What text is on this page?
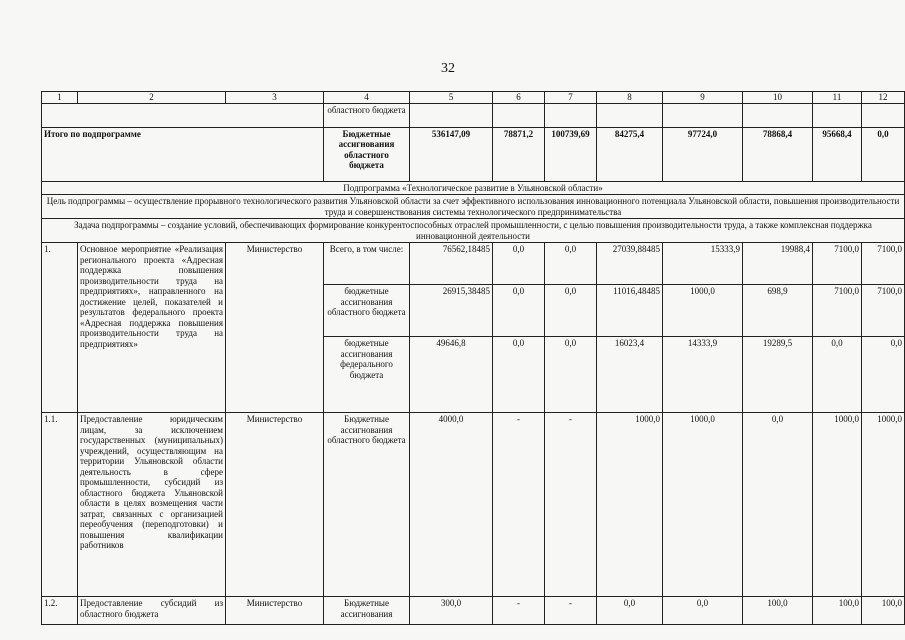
32
1	2	3	4	5	6	7	8	9	10	11	12
			областного бюджета								
Итого по подпрограмме			Бюджетные ассигнования областного бюджета	536147,09	78871,2	100739,69	84275,4	97724,0	78868,4	95668,4	0,0
Подпрограмма «Технологическое развитие в Ульяновской области»											
Цель подпрограммы – осуществление прорывного технологического развития Ульяновской области за счет эффективного использования инновационного потенциала Ульяновской области, повышения производительности труда и совершенствования системы технологического предпринимательства											
Задача подпрограммы – создание условий, обеспечивающих формирование конкурентоспособных отраслей промышленности, с целью повышения производительности труда, а также комплексная поддержка инновационной деятельности											
1.	Основное мероприятие «Реализация регионального проекта «Адресная поддержка повышения производительности труда на предприятиях», направленного на достижение целей, показателей и результатов федерального проекта «Адресная поддержка повышения производительности труда на предприятиях»	Министерство	Всего, в том числе:	76562,18485	0,0	0,0	27039,88485	15333,9	19988,4	7100,0	7100,0
			бюджетные ассигнования областного бюджета	26915,38485	0,0	0,0	11016,48485	1000,0	698,9	7100,0	7100,0
			бюджетные ассигнования федерального бюджета	49646,8	0,0	0,0	16023,4	14333,9	19289,5	0,0	0,0
1.1.	Предоставление юридическим лицам, за исключением государственных (муниципальных) учреждений, осуществляющим на территории Ульяновской области деятельность в сфере промышленности, субсидий из областного бюджета Ульяновской области в целях возмещения части затрат, связанных с организацией переобучения (переподготовки) и повышения квалификации работников	Министерство	Бюджетные ассигнования областного бюджета	4000,0	-	-	1000,0	1000,0	0,0	1000,0	1000,0
1.2.	Предоставление субсидий из областного бюджета	Министерство	Бюджетные ассигнования	300,0	-	-	0,0	0,0	100,0	100,0	100,0
